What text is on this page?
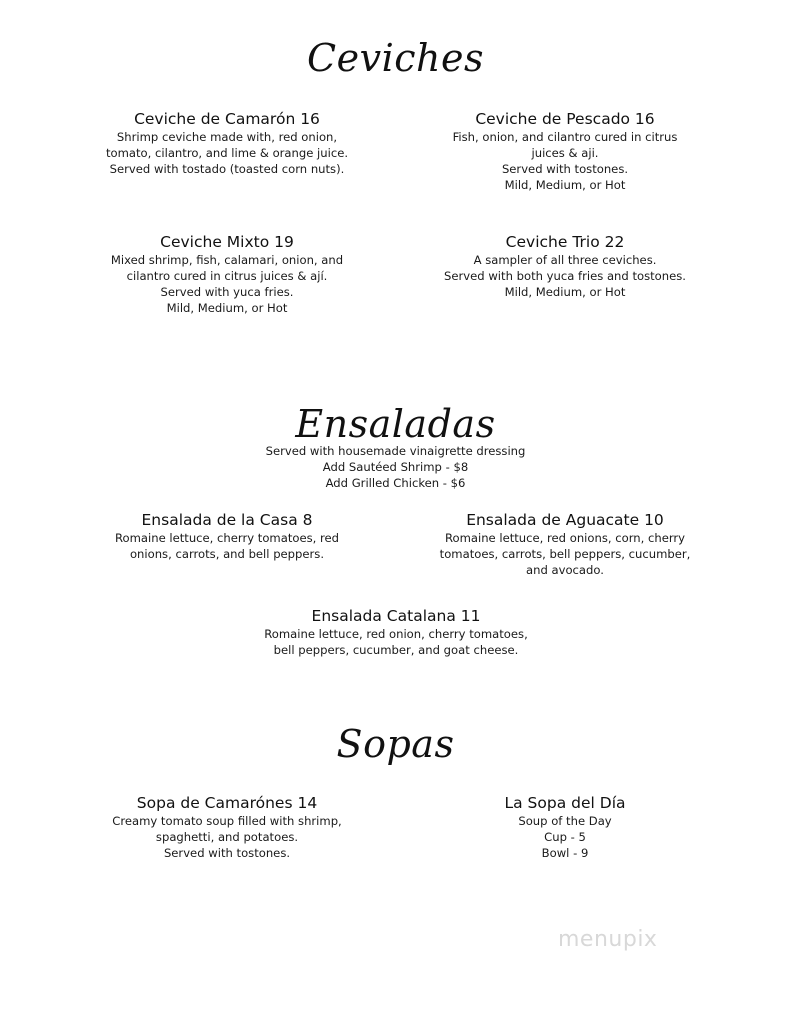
Ceviches
Ceviche de Camarón 16
Shrimp ceviche made with, red onion,
tomato, cilantro, and lime & orange juice.
Served with tostado (toasted corn nuts).
Ceviche de Pescado 16
Fish, onion, and cilantro cured in citrus
juices & aji.
Served with tostones.
Mild, Medium, or Hot
Ceviche Mixto 19
Mixed shrimp, fish, calamari, onion, and
cilantro cured in citrus juices & ají.
Served with yuca fries.
Mild, Medium, or Hot
Ceviche Trio 22
A sampler of all three ceviches.
Served with both yuca fries and tostones.
Mild, Medium, or Hot
Ensaladas
Served with housemade vinaigrette dressing
Add Sautéed Shrimp - $8
Add Grilled Chicken - $6
Ensalada de la Casa 8
Romaine lettuce, cherry tomatoes, red
onions, carrots, and bell peppers.
Ensalada de Aguacate 10
Romaine lettuce, red onions, corn, cherry
tomatoes, carrots, bell peppers, cucumber,
and avocado.
Ensalada Catalana 11
Romaine lettuce, red onion, cherry tomatoes,
bell peppers, cucumber, and goat cheese.
Sopas
Sopa de Camarónes 14
Creamy tomato soup filled with shrimp,
spaghetti, and potatoes.
Served with tostones.
La Sopa del Día
Soup of the Day
Cup - 5
Bowl - 9
menupix
